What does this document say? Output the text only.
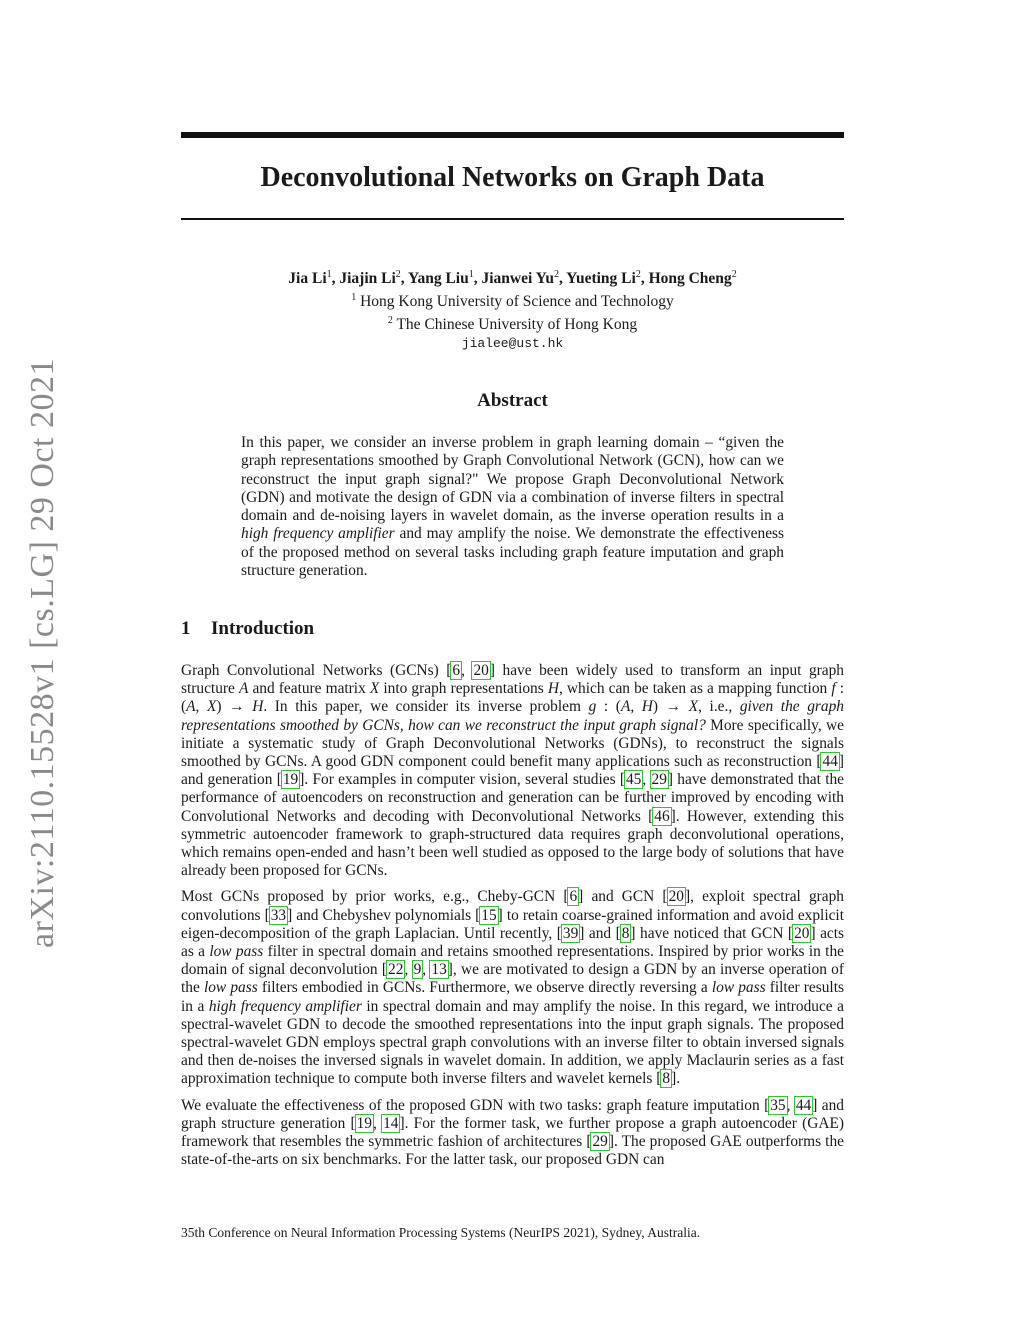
arXiv:2110.15528v1 [cs.LG] 29 Oct 2021
Deconvolutional Networks on Graph Data
Jia Li$^1$, Jiajin Li$^2$, Yang Liu$^1$, Jianwei Yu$^2$, Yueting Li$^2$, Hong Cheng$^2$
$^1$ Hong Kong University of Science and Technology
$^2$ The Chinese University of Hong Kong
jialee@ust.hk
Abstract

In this paper, we consider an inverse problem in graph learning domain – “given the graph representations smoothed by Graph Convolutional Network (GCN), how can we reconstruct the input graph signal?" We propose Graph Deconvolutional Network (GDN) and motivate the design of GDN via a combination of inverse filters in spectral domain and de-noising layers in wavelet domain, as the inverse operation results in a high frequency amplifier and may amplify the noise. We demonstrate the effectiveness of the proposed method on several tasks including graph feature imputation and graph structure generation.

1 Introduction

Graph Convolutional Networks (GCNs) [6, 20] have been widely used to transform an input graph structure A and feature matrix X into graph representations H, which can be taken as a mapping function f : (A, X) → H. In this paper, we consider its inverse problem g : (A, H) → X, i.e., given the graph representations smoothed by GCNs, how can we reconstruct the input graph signal? More specifically, we initiate a systematic study of Graph Deconvolutional Networks (GDNs), to reconstruct the signals smoothed by GCNs. A good GDN component could benefit many applications such as reconstruction [44] and generation [19]. For examples in computer vision, several studies [45, 29] have demonstrated that the performance of autoencoders on reconstruction and generation can be further improved by encoding with Convolutional Networks and decoding with Deconvolutional Networks [46]. However, extending this symmetric autoencoder framework to graph-structured data requires graph deconvolutional operations, which remains open-ended and hasn’t been well studied as opposed to the large body of solutions that have already been proposed for GCNs.

Most GCNs proposed by prior works, e.g., Cheby-GCN [6] and GCN [20], exploit spectral graph convolutions [33] and Chebyshev polynomials [15] to retain coarse-grained information and avoid explicit eigen-decomposition of the graph Laplacian. Until recently, [39] and [8] have noticed that GCN [20] acts as a low pass filter in spectral domain and retains smoothed representations. Inspired by prior works in the domain of signal deconvolution [22, 9, 13], we are motivated to design a GDN by an inverse operation of the low pass filters embodied in GCNs. Furthermore, we observe directly reversing a low pass filter results in a high frequency amplifier in spectral domain and may amplify the noise. In this regard, we introduce a spectral-wavelet GDN to decode the smoothed representations into the input graph signals. The proposed spectral-wavelet GDN employs spectral graph convolutions with an inverse filter to obtain inversed signals and then de-noises the inversed signals in wavelet domain. In addition, we apply Maclaurin series as a fast approximation technique to compute both inverse filters and wavelet kernels [8].

We evaluate the effectiveness of the proposed GDN with two tasks: graph feature imputation [35, 44] and graph structure generation [19, 14]. For the former task, we further propose a graph autoencoder (GAE) framework that resembles the symmetric fashion of architectures [29]. The proposed GAE outperforms the state-of-the-arts on six benchmarks. For the latter task, our proposed GDN can

35th Conference on Neural Information Processing Systems (NeurIPS 2021), Sydney, Australia.
